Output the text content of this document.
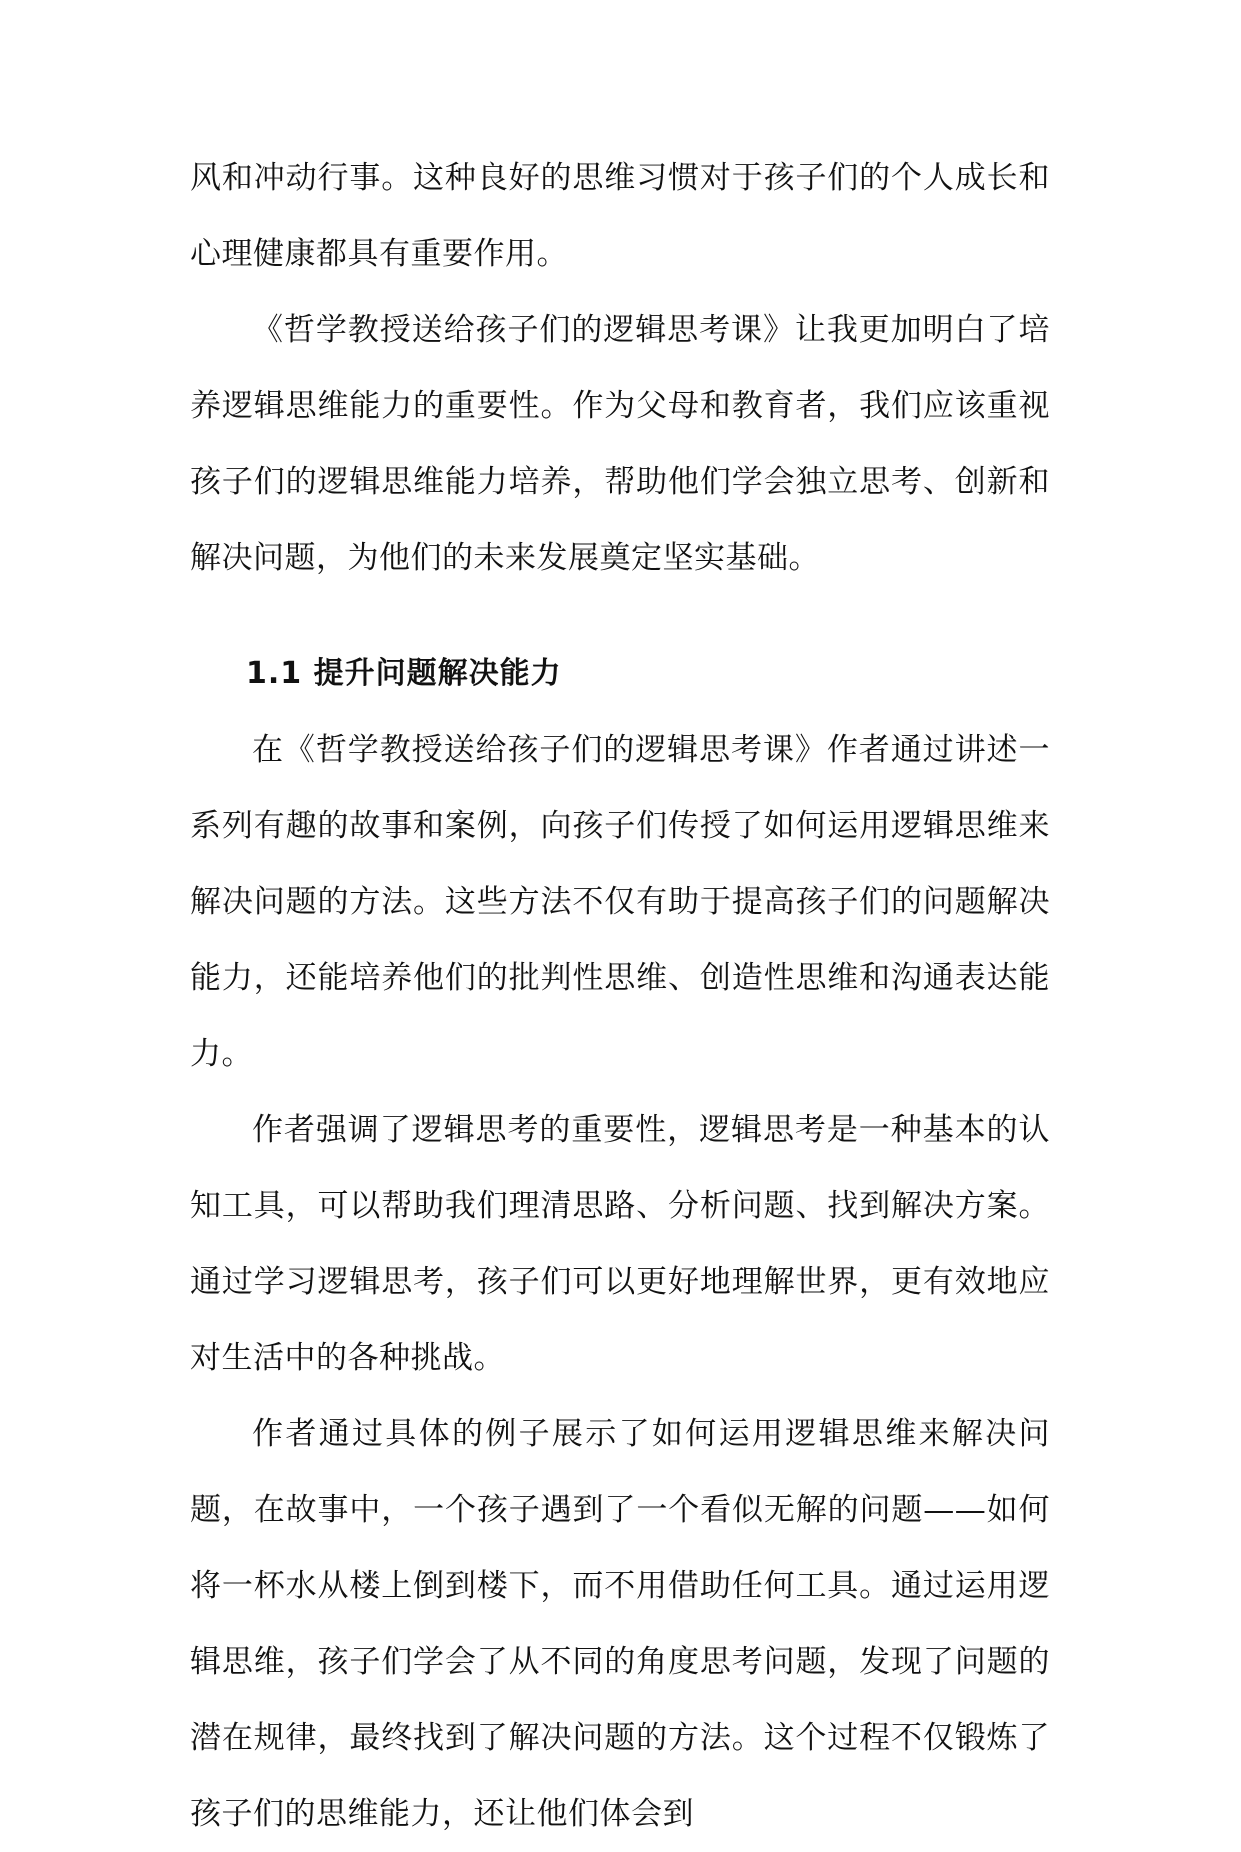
风和冲动行事。这种良好的思维习惯对于孩子们的个人成长和心理健康都具有重要作用。

《哲学教授送给孩子们的逻辑思考课》让我更加明白了培养逻辑思维能力的重要性。作为父母和教育者，我们应该重视孩子们的逻辑思维能力培养，帮助他们学会独立思考、创新和解决问题，为他们的未来发展奠定坚实基础。

1.1 提升问题解决能力

在《哲学教授送给孩子们的逻辑思考课》作者通过讲述一系列有趣的故事和案例，向孩子们传授了如何运用逻辑思维来解决问题的方法。这些方法不仅有助于提高孩子们的问题解决能力，还能培养他们的批判性思维、创造性思维和沟通表达能力。

作者强调了逻辑思考的重要性，逻辑思考是一种基本的认知工具，可以帮助我们理清思路、分析问题、找到解决方案。通过学习逻辑思考，孩子们可以更好地理解世界，更有效地应对生活中的各种挑战。

作者通过具体的例子展示了如何运用逻辑思维来解决问题，在故事中，一个孩子遇到了一个看似无解的问题——如何将一杯水从楼上倒到楼下，而不用借助任何工具。通过运用逻辑思维，孩子们学会了从不同的角度思考问题，发现了问题的潜在规律，最终找到了解决问题的方法。这个过程不仅锻炼了孩子们的思维能力，还让他们体会到
